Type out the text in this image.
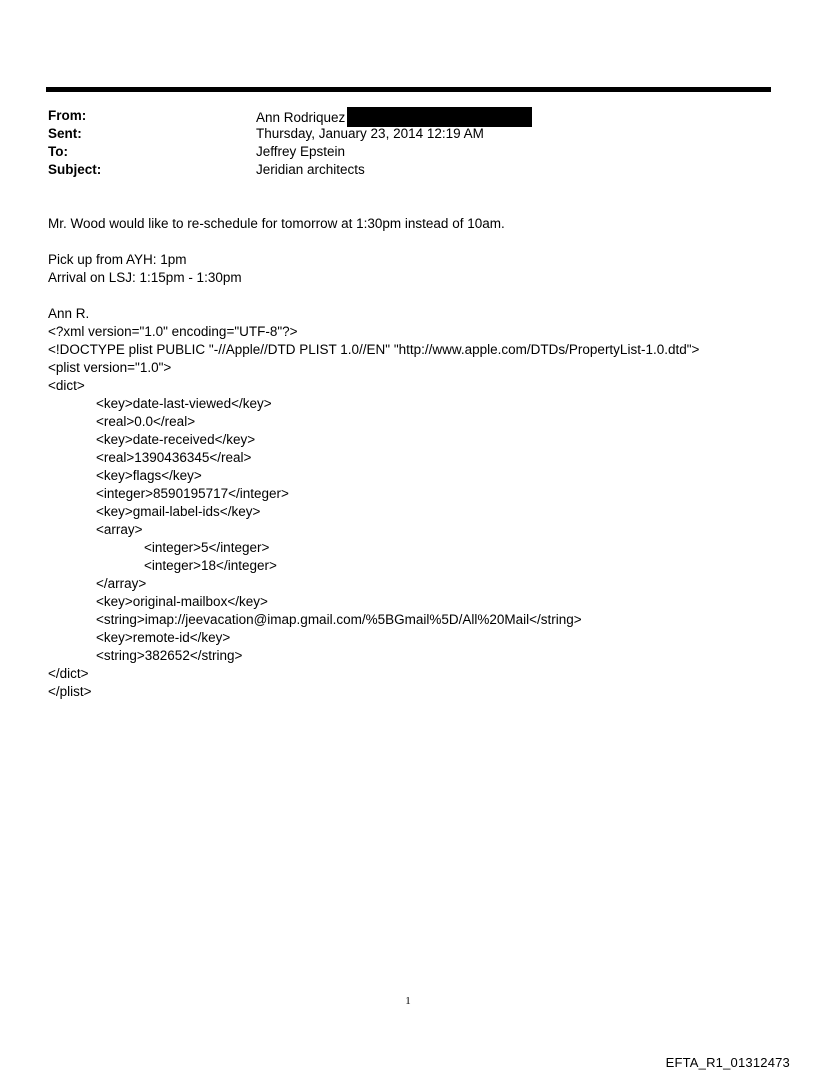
From:	Ann Rodriquez
Sent:	Thursday, January 23, 2014 12:19 AM
To:	Jeffrey Epstein
Subject:	Jeridian architects

Mr. Wood would like to re-schedule for tomorrow at 1:30pm instead of 10am.

Pick up from AYH: 1pm

Arrival on LSJ: 1:15pm - 1:30pm

Ann R.

<?xml version="1.0" encoding="UTF-8"?>

<!DOCTYPE plist PUBLIC "-//Apple//DTD PLIST 1.0//EN" "http://www.apple.com/DTDs/PropertyList-1.0.dtd">

<plist version="1.0">

<dict>

<key>date-last-viewed</key>

<real>0.0</real>

<key>date-received</key>

<real>1390436345</real>

<key>flags</key>

<integer>8590195717</integer>

<key>gmail-label-ids</key>

<array>

<integer>5</integer>

<integer>18</integer>

</array>

<key>original-mailbox</key>

<string>imap://jeevacation@imap.gmail.com/%5BGmail%5D/All%20Mail</string>

<key>remote-id</key>

<string>382652</string>

</dict>

</plist>

1
EFTA_R1_01312473
